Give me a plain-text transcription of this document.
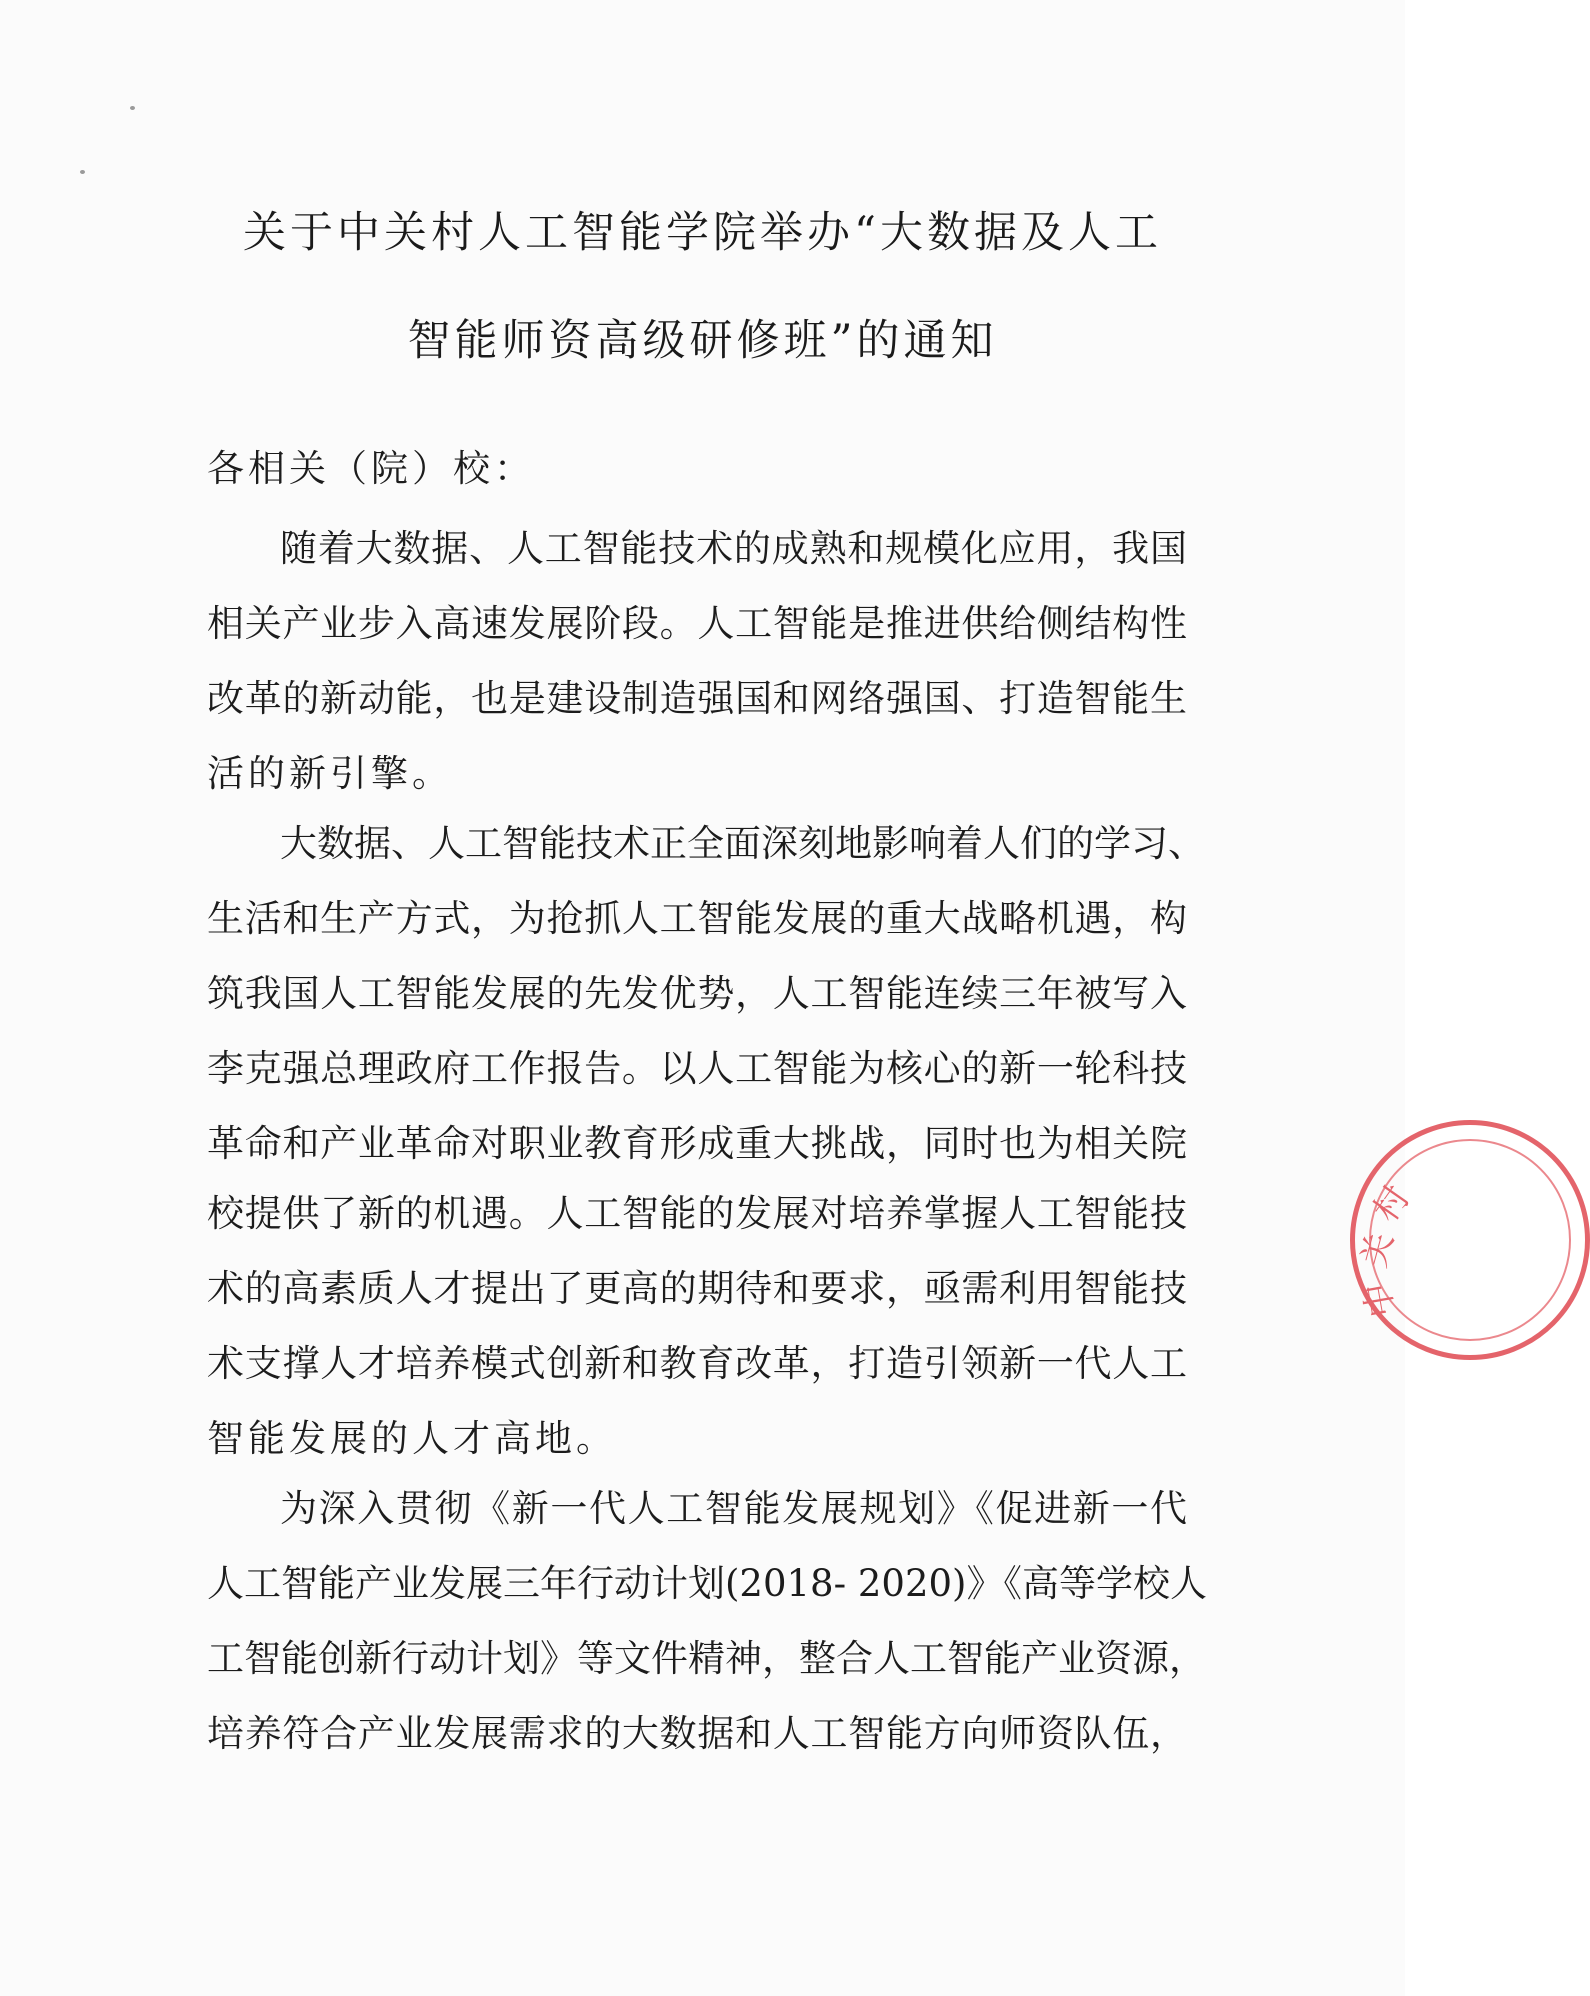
关于中关村人工智能学院举办“大数据及人工
智能师资高级研修班”的通知
各相关（院）校：
随着大数据、人工智能技术的成熟和规模化应用，我国
相关产业步入高速发展阶段。人工智能是推进供给侧结构性
改革的新动能，也是建设制造强国和网络强国、打造智能生
活的新引擎。
大数据、人工智能技术正全面深刻地影响着人们的学习、
生活和生产方式，为抢抓人工智能发展的重大战略机遇，构
筑我国人工智能发展的先发优势，人工智能连续三年被写入
李克强总理政府工作报告。以人工智能为核心的新一轮科技
革命和产业革命对职业教育形成重大挑战，同时也为相关院
校提供了新的机遇。人工智能的发展对培养掌握人工智能技
术的高素质人才提出了更高的期待和要求，亟需利用智能技
术支撑人才培养模式创新和教育改革，打造引领新一代人工
智能发展的人才高地。
为深入贯彻《新一代人工智能发展规划》《促进新一代
人工智能产业发展三年行动计划(2018- 2020)》《高等学校人
工智能创新行动计划》等文件精神，整合人工智能产业资源，
培养符合产业发展需求的大数据和人工智能方向师资队伍，
村
关
中
